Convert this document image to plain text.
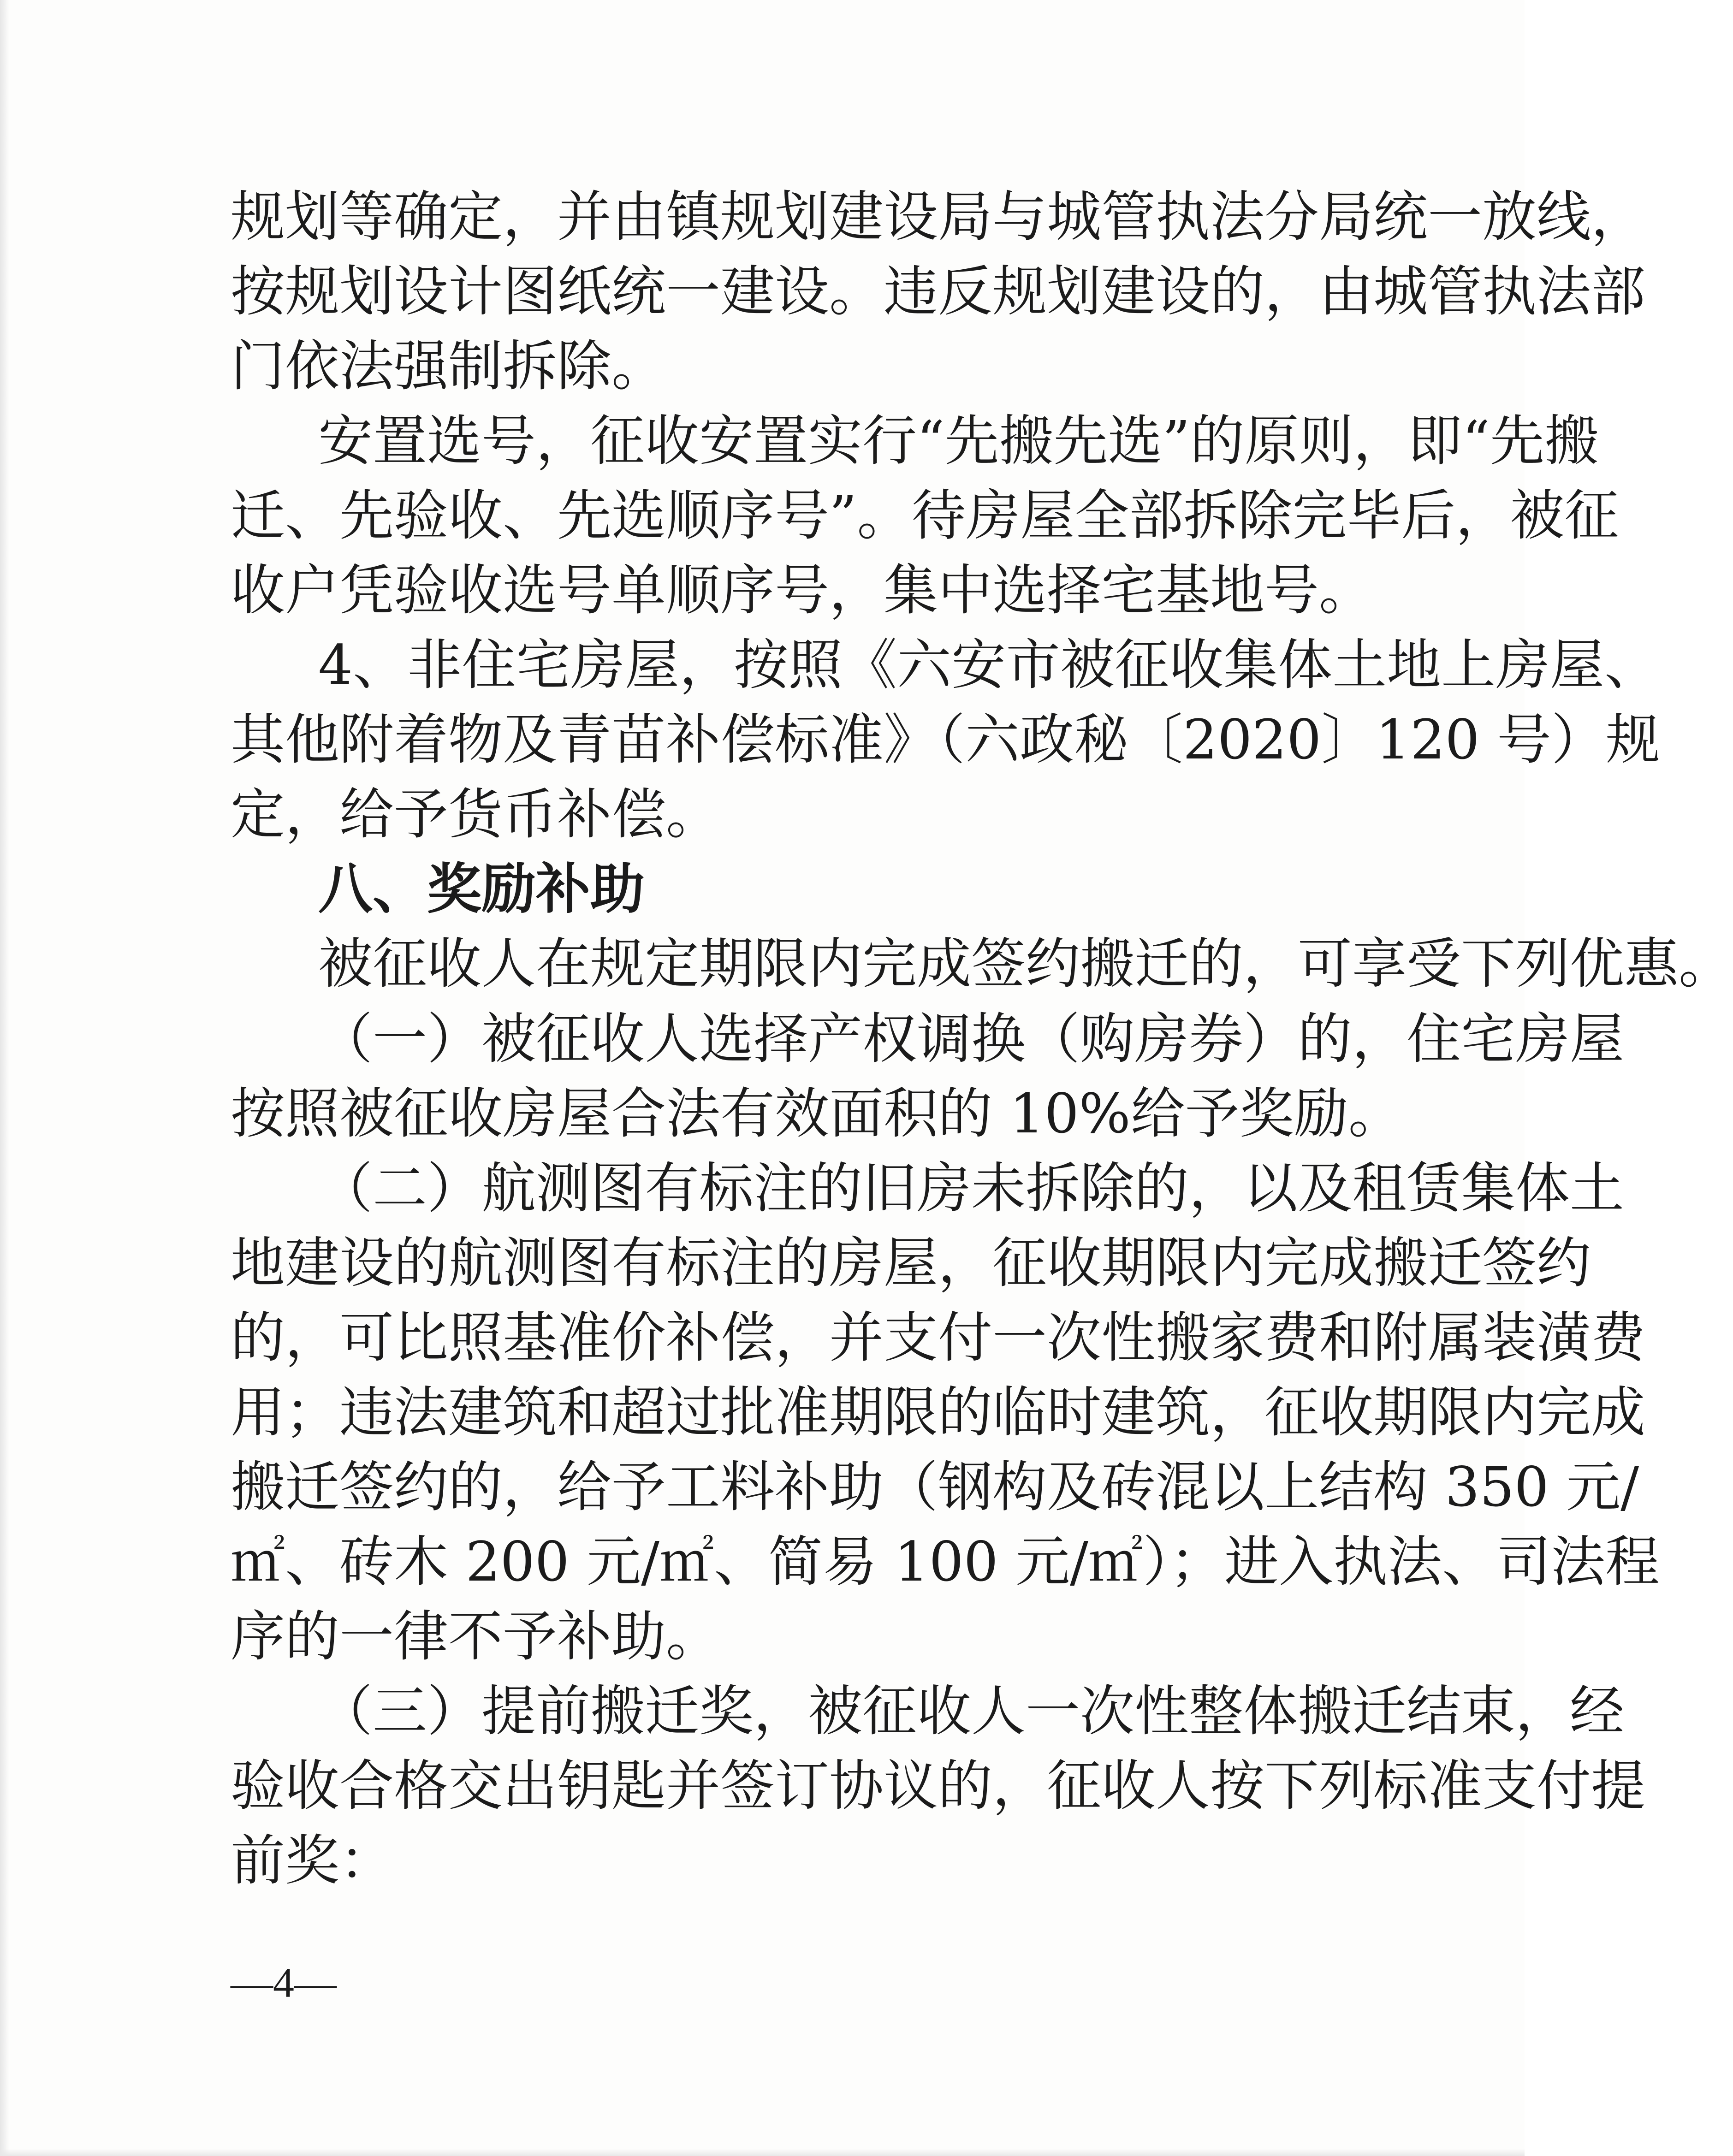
规划等确定，并由镇规划建设局与城管执法分局统一放线，
按规划设计图纸统一建设。违反规划建设的，由城管执法部
门依法强制拆除。
安置选号，征收安置实行“先搬先选”的原则，即“先搬
迁、先验收、先选顺序号”。待房屋全部拆除完毕后，被征
收户凭验收选号单顺序号，集中选择宅基地号。
4、非住宅房屋，按照《六安市被征收集体土地上房屋、
其他附着物及青苗补偿标准》（六政秘〔2020〕120 号）规
定，给予货币补偿。
八、奖励补助
被征收人在规定期限内完成签约搬迁的，可享受下列优惠。
（一）被征收人选择产权调换（购房券）的，住宅房屋
按照被征收房屋合法有效面积的 10%给予奖励。
（二）航测图有标注的旧房未拆除的，以及租赁集体土
地建设的航测图有标注的房屋，征收期限内完成搬迁签约
的，可比照基准价补偿，并支付一次性搬家费和附属装潢费
用；违法建筑和超过批准期限的临时建筑，征收期限内完成
搬迁签约的，给予工料补助（钢构及砖混以上结构 350 元/
㎡、砖木 200 元/㎡、简易 100 元/㎡）；进入执法、司法程
序的一律不予补助。
（三）提前搬迁奖，被征收人一次性整体搬迁结束，经
验收合格交出钥匙并签订协议的，征收人按下列标准支付提
前奖：
—4—
